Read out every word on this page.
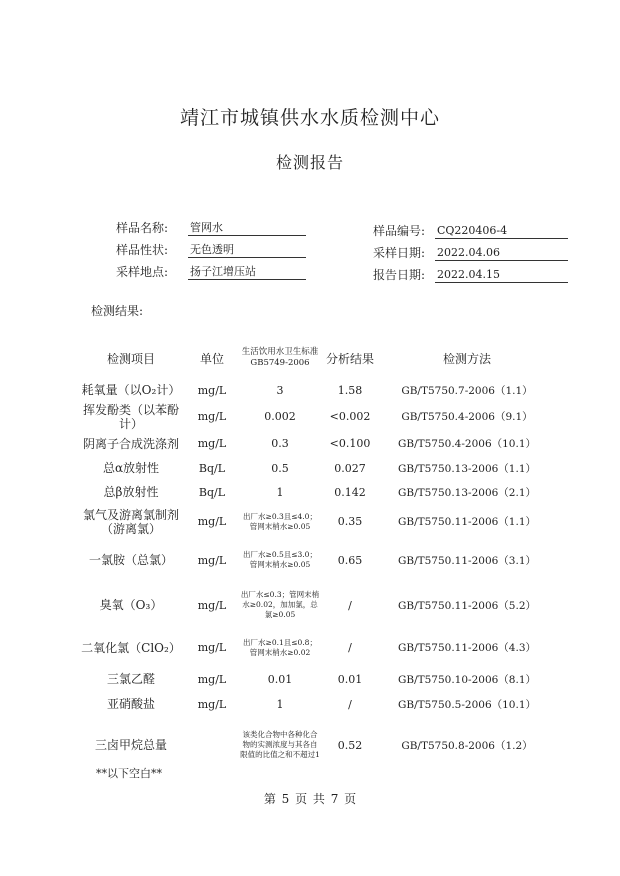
靖江市城镇供水水质检测中心
检测报告
样品名称: 管网水
样品性状: 无色透明
采样地点: 扬子江增压站
样品编号: CQ220406-4
采样日期: 2022.04.06
报告日期: 2022.04.15
检测结果:
检测项目	单位	生活饮用水卫生标准GB5749-2006	分析结果	检测方法
耗氧量（以O₂计）	mg/L	3	1.58	GB/T5750.7-2006（1.1）
挥发酚类（以苯酚计）	mg/L	0.002	<0.002	GB/T5750.4-2006（9.1）
阴离子合成洗涤剂	mg/L	0.3	<0.100	GB/T5750.4-2006（10.1）
总α放射性	Bq/L	0.5	0.027	GB/T5750.13-2006（1.1）
总β放射性	Bq/L	1	0.142	GB/T5750.13-2006（2.1）
氯气及游离氯制剂（游离氯）	mg/L	出厂水≥0.3且≤4.0；管网末梢水≥0.05	0.35	GB/T5750.11-2006（1.1）
一氯胺（总氯）	mg/L	出厂水≥0.5且≤3.0；管网末梢水≥0.05	0.65	GB/T5750.11-2006（3.1）
臭氧（O₃）	mg/L	出厂水≤0.3；管网末梢水≥0.02，加加氯，总氯≥0.05	/	GB/T5750.11-2006（5.2）
二氧化氯（ClO₂）	mg/L	出厂水≥0.1且≤0.8；管网末梢水≥0.02	/	GB/T5750.11-2006（4.3）
三氯乙醛	mg/L	0.01	0.01	GB/T5750.10-2006（8.1）
亚硝酸盐	mg/L	1	/	GB/T5750.5-2006（10.1）
三卤甲烷总量		该类化合物中各种化合物的实测浓度与其各自限值的比值之和不超过1	0.52	GB/T5750.8-2006（1.2）
**以下空白**
第 5 页 共 7 页
